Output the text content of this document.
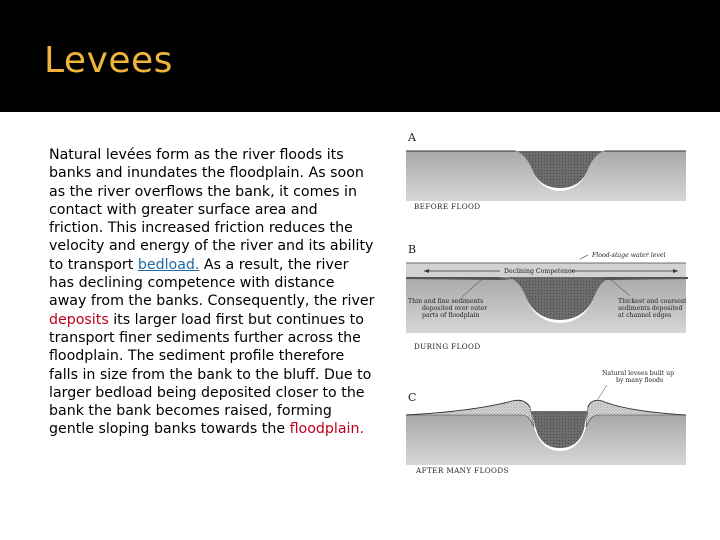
Levees
Natural levées form as the river floods its banks and inundates the floodplain. As soon as the river overflows the bank, it comes in contact with greater surface area and friction. This increased friction reduces the velocity and energy of the river and its ability to transport bedload. As a result, the river has declining competence with distance away from the banks. Consequently, the river deposits its larger load first but continues to transport finer sediments further across the floodplain. The sediment profile therefore falls in size from the bank to the bluff. Due to larger bedload being deposited closer to the bank the bank becomes raised, forming gentle sloping banks towards the floodplain.
A
BEFORE FLOOD
B	Flood-stage water level
Declining Competence
Thin and fine sediments
deposited over outer
parts of floodplain
Thickest and coarsest
sediments deposited
at channel edges
DURING FLOOD
C
Natural levees built up
by many floods
AFTER MANY FLOODS
